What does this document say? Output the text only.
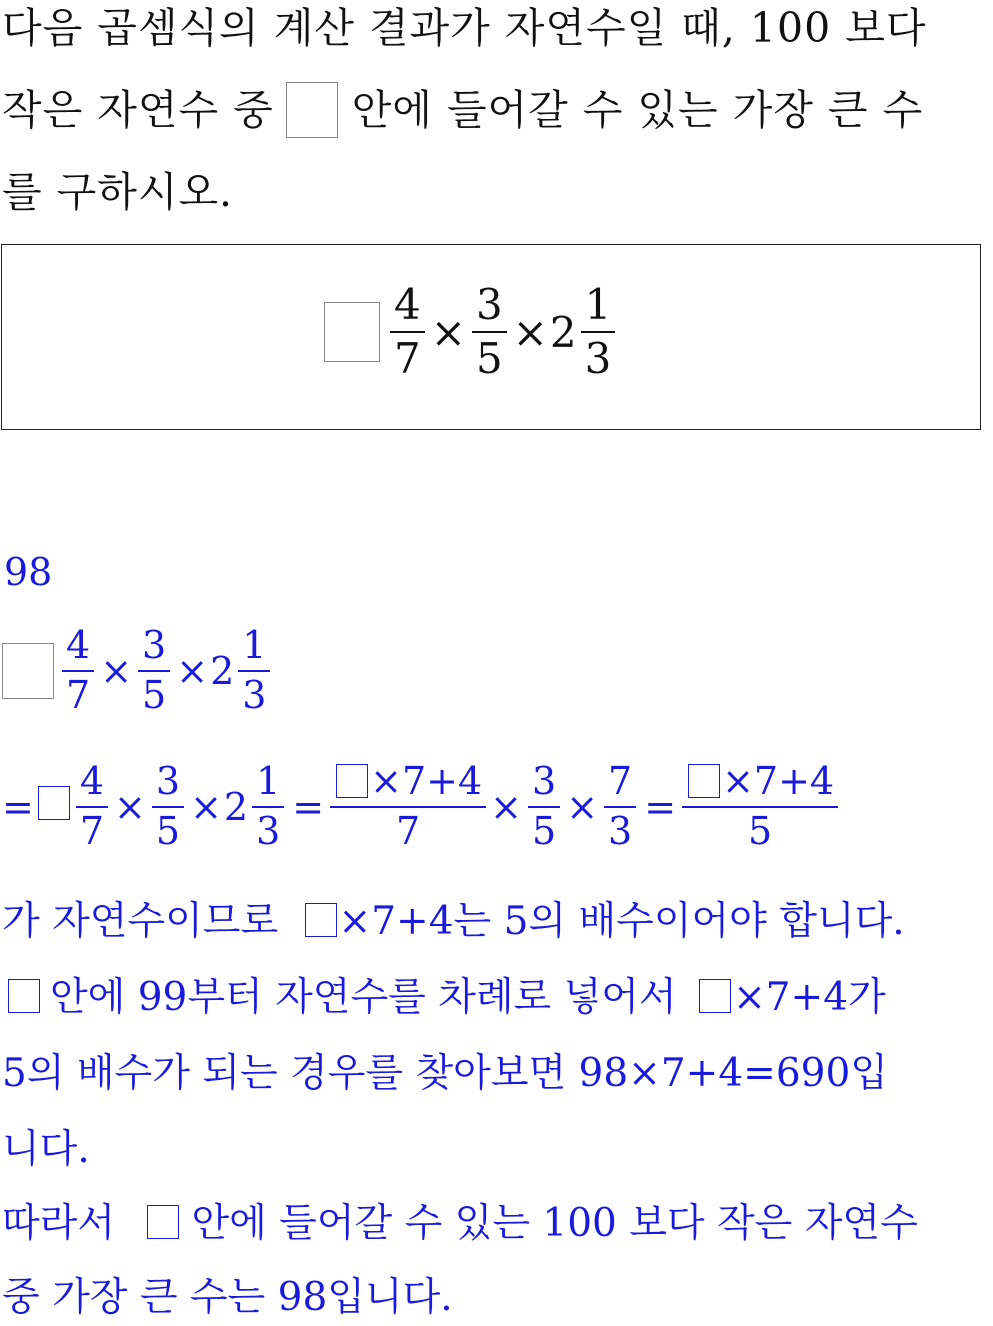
다음 곱셈식의 계산 결과가 자연수일 때, 100 보다
작은 자연수 중 안에 들어갈 수 있는 가장 큰 수
를 구하시오.
$\frac{4}{7} \times \frac{3}{5} \times 2 \frac{1}{3}$
98
$\frac{4}{7} \times \frac{3}{5} \times 2 \frac{1}{3}$
= $\frac{4}{7} \times \frac{3}{5} \times 2 \frac{1}{3} = \frac{\times 7+4}{7} \times \frac{3}{5} \times \frac{7}{3} = \frac{\times 7+4}{5}$
가 자연수이므로 ×7+4는 5의 배수이어야 합니다.
안에 99부터 자연수를 차례로 넣어서 ×7+4가
5의 배수가 되는 경우를 찾아보면 98×7+4=690입
니다.
따라서 안에 들어갈 수 있는 100 보다 작은 자연수
중 가장 큰 수는 98입니다.
